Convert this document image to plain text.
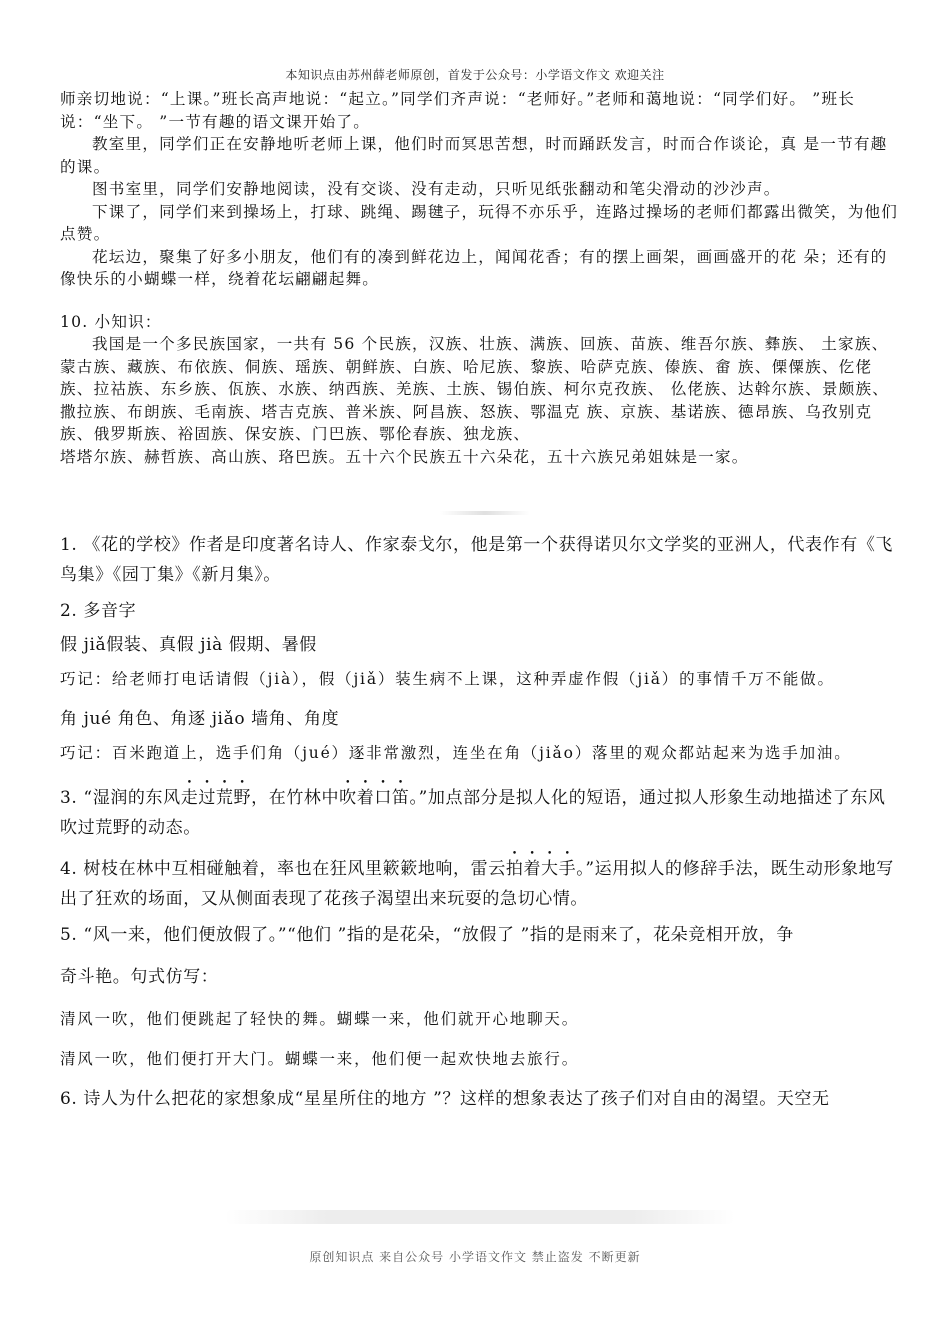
本知识点由苏州薛老师原创，首发于公众号：小学语文作文 欢迎关注

师亲切地说：“上课。”班长高声地说：“起立。”同学们齐声说：“老师好。”老师和蔼地说：“同学们好。 ”班长说：“坐下。 ”一节有趣的语文课开始了。

教室里，同学们正在安静地听老师上课，他们时而冥思苦想，时而踊跃发言，时而合作谈论，真 是一节有趣的课。

图书室里，同学们安静地阅读，没有交谈、没有走动，只听见纸张翻动和笔尖滑动的沙沙声。

下课了，同学们来到操场上，打球、跳绳、踢毽子，玩得不亦乐乎，连路过操场的老师们都露出微笑，为他们点赞。

花坛边，聚集了好多小朋友，他们有的凑到鲜花边上，闻闻花香；有的摆上画架，画画盛开的花 朵；还有的像快乐的小蝴蝶一样，绕着花坛翩翩起舞。

10. 小知识：

我国是一个多民族国家，一共有 56 个民族，汉族、壮族、满族、回族、苗族、维吾尔族、彝族、 土家族、蒙古族、藏族、布依族、侗族、瑶族、朝鲜族、白族、哈尼族、黎族、哈萨克族、傣族、畲 族、傈僳族、仡佬族、拉祜族、东乡族、佤族、水族、纳西族、羌族、土族、锡伯族、柯尔克孜族、 仫佬族、达斡尔族、景颇族、撒拉族、布朗族、毛南族、塔吉克族、普米族、阿昌族、怒族、鄂温克 族、京族、基诺族、德昂族、乌孜别克族、俄罗斯族、裕固族、保安族、门巴族、鄂伦春族、独龙族、

塔塔尔族、赫哲族、高山族、珞巴族。五十六个民族五十六朵花，五十六族兄弟姐妹是一家。

1. 《花的学校》作者是印度著名诗人、作家泰戈尔，他是第一个获得诺贝尔文学奖的亚洲人，代表作有《飞鸟集》《园丁集》《新月集》。

2. 多音字

假 jiǎ假装、真假 jià 假期、暑假

巧记：给老师打电话请假（jià），假（jiǎ）装生病不上课，这种弄虚作假（jiǎ）的事情千万不能做。

角 jué 角色、角逐 jiǎo 墙角、角度

巧记：百米跑道上，选手们角（jué）逐非常激烈，连坐在角（jiǎo）落里的观众都站起来为选手加油。

3. “湿润的东风走过荒野，在竹林中吹着口笛。”加点部分是拟人化的短语，通过拟人形象生动地描述了东风吹过荒野的动态。

4. 树枝在林中互相碰触着，率也在狂风里簌簌地响，雷云拍着大手。”运用拟人的修辞手法，既生动形象地写出了狂欢的场面，又从侧面表现了花孩子渴望出来玩耍的急切心情。

5. “风一来，他们便放假了。”“他们 ”指的是花朵，“放假了 ”指的是雨来了，花朵竞相开放，争

奇斗艳。句式仿写：

清风一吹，他们便跳起了轻快的舞。蝴蝶一来，他们就开心地聊天。

清风一吹，他们便打开大门。蝴蝶一来，他们便一起欢快地去旅行。

6. 诗人为什么把花的家想象成“星星所住的地方 ”？这样的想象表达了孩子们对自由的渴望。天空无

原创知识点 来自公众号 小学语文作文 禁止盗发 不断更新
